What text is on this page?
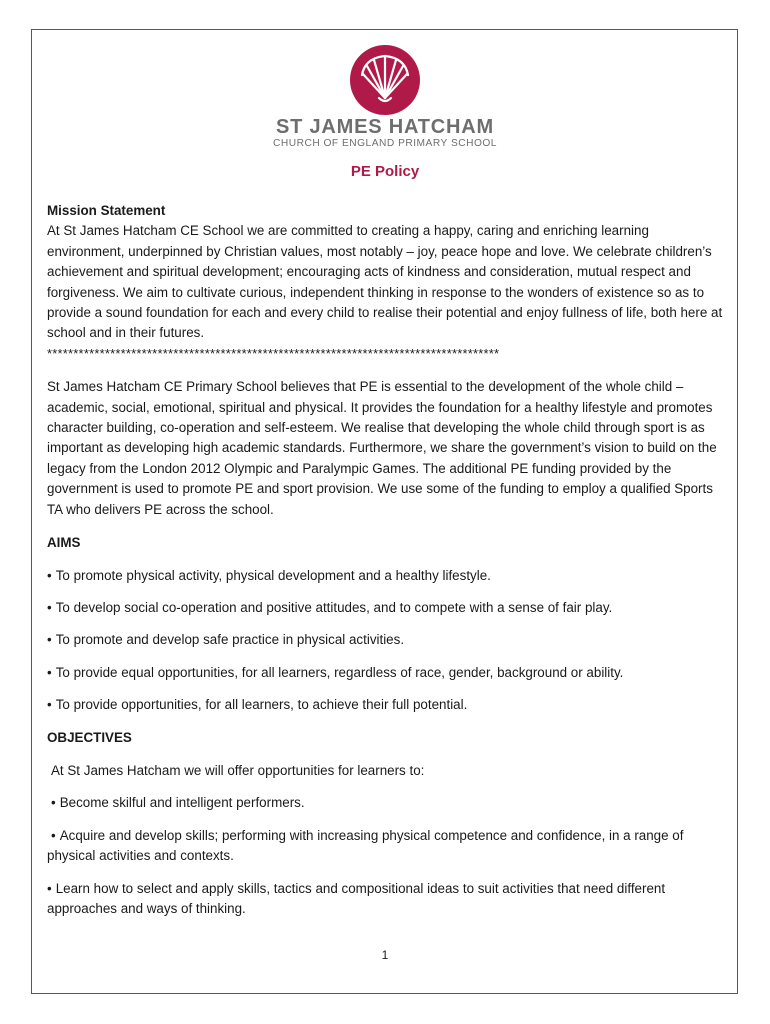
ST JAMES HATCHAM
CHURCH OF ENGLAND PRIMARY SCHOOL
PE Policy

Mission Statement

At St James Hatcham CE School we are committed to creating a happy, caring and enriching learning environment, underpinned by Christian values, most notably – joy, peace hope and love. We celebrate children’s achievement and spiritual development; encouraging acts of kindness and consideration, mutual respect and forgiveness. We aim to cultivate curious, independent thinking in response to the wonders of existence so as to provide a sound foundation for each and every child to realise their potential and enjoy fullness of life, both here at school and in their futures.

**************************************************************************************

St James Hatcham CE Primary School believes that PE is essential to the development of the whole child – academic, social, emotional, spiritual and physical. It provides the foundation for a healthy lifestyle and promotes character building, co-operation and self-esteem. We realise that developing the whole child through sport is as important as developing high academic standards. Furthermore, we share the government’s vision to build on the legacy from the London 2012 Olympic and Paralympic Games. The additional PE funding provided by the government is used to promote PE and sport provision. We use some of the funding to employ a qualified Sports TA who delivers PE across the school.

AIMS

• To promote physical activity, physical development and a healthy lifestyle.

• To develop social co-operation and positive attitudes, and to compete with a sense of fair play.

• To promote and develop safe practice in physical activities.

• To provide equal opportunities, for all learners, regardless of race, gender, background or ability.

• To provide opportunities, for all learners, to achieve their full potential.

OBJECTIVES

At St James Hatcham we will offer opportunities for learners to:

• Become skilful and intelligent performers.

• Acquire and develop skills; performing with increasing physical competence and confidence, in a range of physical activities and contexts.

• Learn how to select and apply skills, tactics and compositional ideas to suit activities that need different approaches and ways of thinking.

1
